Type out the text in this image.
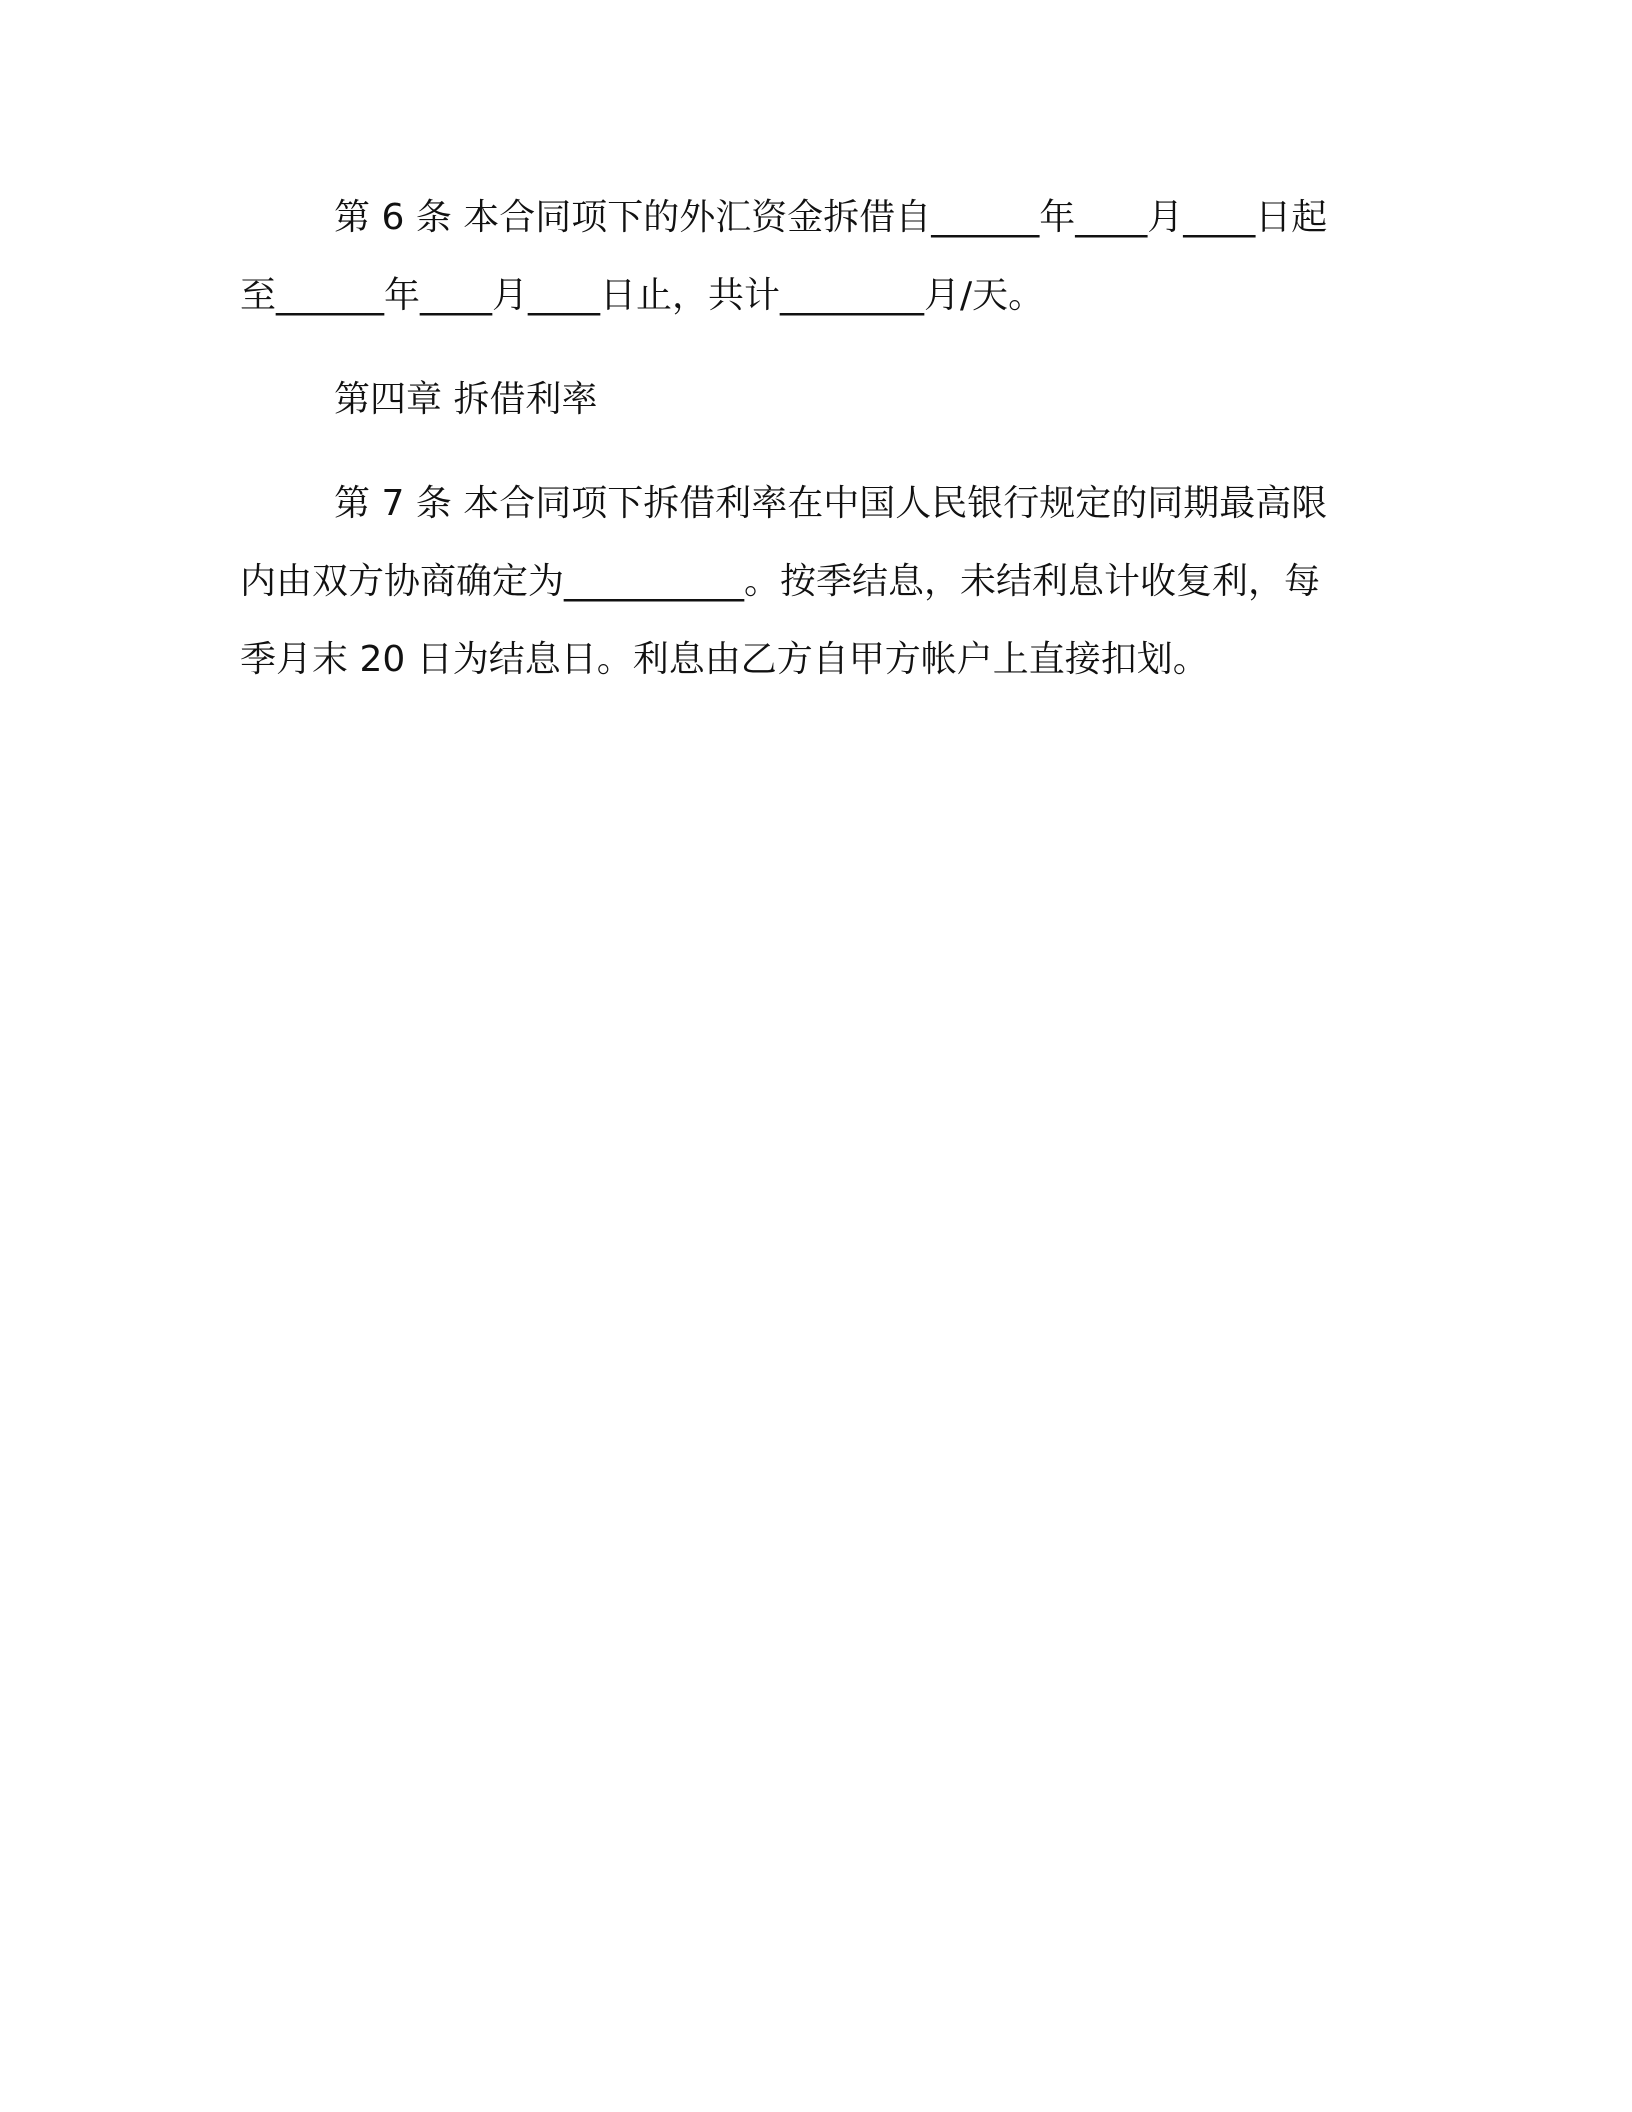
第 6 条 本合同项下的外汇资金拆借自______年____月____日起
至______年____月____日止，共计________月/天。
第四章 拆借利率
第 7 条 本合同项下拆借利率在中国人民银行规定的同期最高限
内由双方协商确定为__________。按季结息，未结利息计收复利，每
季月末 20 日为结息日。利息由乙方自甲方帐户上直接扣划。
